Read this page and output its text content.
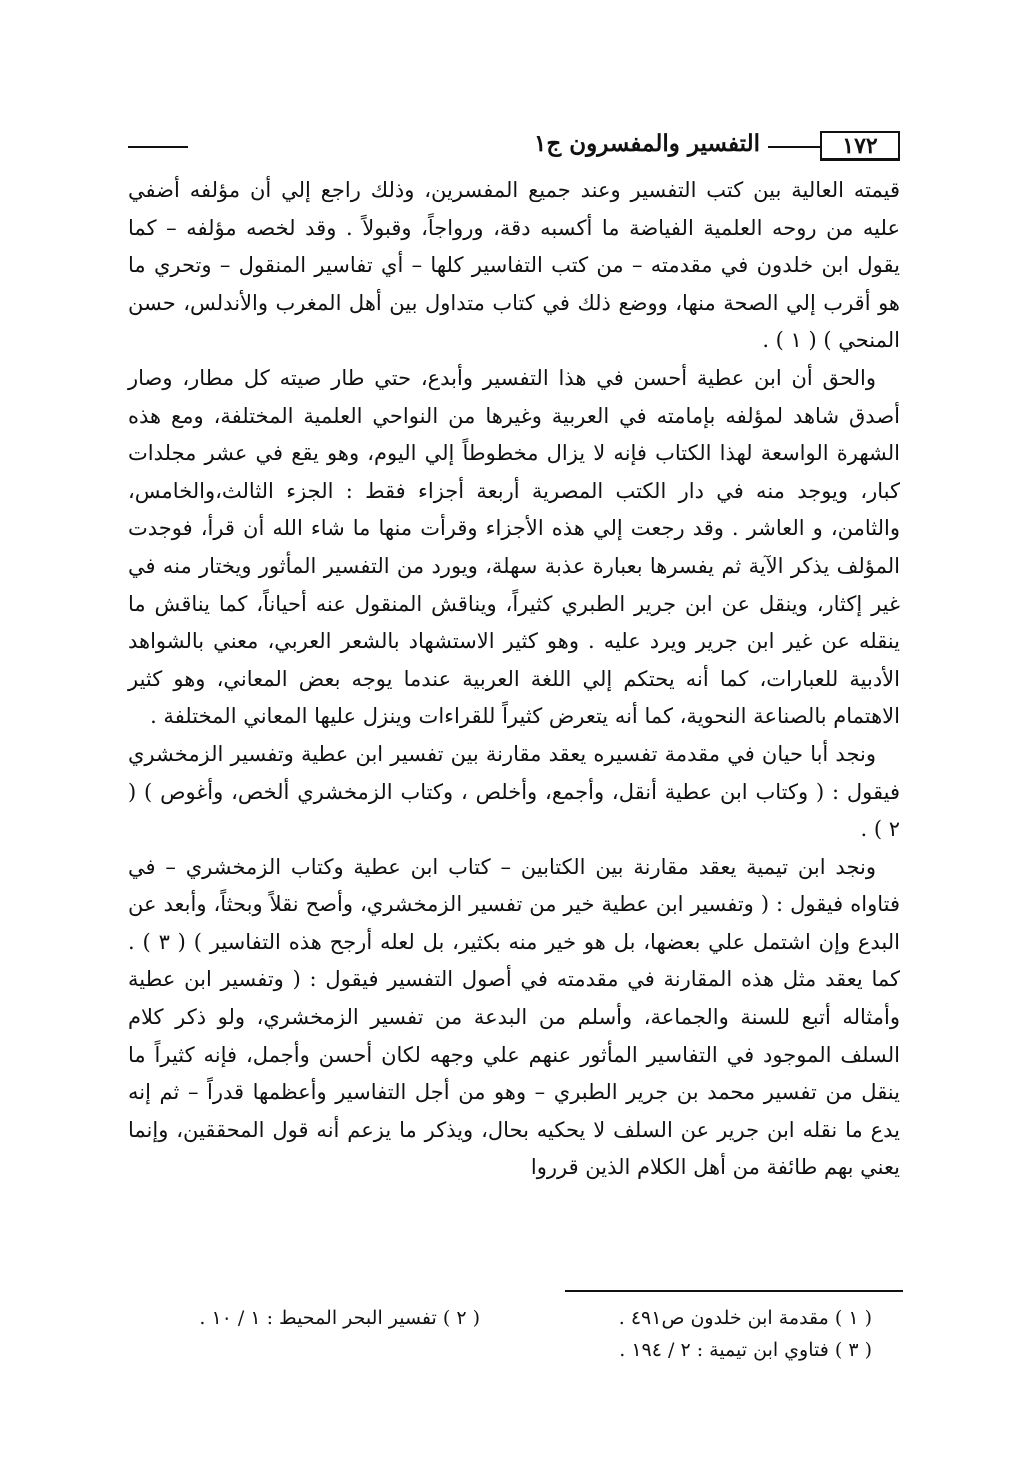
١٧٢
التفسير والمفسرون ج١

قيمته العالية بين كتب التفسير وعند جميع المفسرين، وذلك راجع إلي أن مؤلفه أضفي عليه من روحه العلمية الفياضة ما أكسبه دقة، ورواجاً، وقبولاً . وقد لخصه مؤلفه – كما يقول ابن خلدون في مقدمته – من كتب التفاسير كلها – أي تفاسير المنقول – وتحري ما هو أقرب إلي الصحة منها، ووضع ذلك في كتاب متداول بين أهل المغرب والأندلس، حسن المنحي ) ( ١ ) .

والحق أن ابن عطية أحسن في هذا التفسير وأبدع، حتي طار صيته كل مطار، وصار أصدق شاهد لمؤلفه بإمامته في العربية وغيرها من النواحي العلمية المختلفة، ومع هذه الشهرة الواسعة لهذا الكتاب فإنه لا يزال مخطوطاً إلي اليوم، وهو يقع في عشر مجلدات كبار، ويوجد منه في دار الكتب المصرية أربعة أجزاء فقط : الجزء الثالث،والخامس، والثامن، و العاشر . وقد رجعت إلي هذه الأجزاء وقرأت منها ما شاء الله أن قرأ، فوجدت المؤلف يذكر الآية ثم يفسرها بعبارة عذبة سهلة، ويورد من التفسير المأثور ويختار منه في غير إكثار، وينقل عن ابن جرير الطبري كثيراً، ويناقش المنقول عنه أحياناً، كما يناقش ما ينقله عن غير ابن جرير ويرد عليه . وهو كثير الاستشهاد بالشعر العربي، معني بالشواهد الأدبية للعبارات، كما أنه يحتكم إلي اللغة العربية عندما يوجه بعض المعاني، وهو كثير الاهتمام بالصناعة النحوية، كما أنه يتعرض كثيراً للقراءات وينزل عليها المعاني المختلفة .

ونجد أبا حيان في مقدمة تفسيره يعقد مقارنة بين تفسير ابن عطية وتفسير الزمخشري فيقول : ( وكتاب ابن عطية أنقل، وأجمع، وأخلص ، وكتاب الزمخشري ألخص، وأغوص ) ( ٢ ) .

ونجد ابن تيمية يعقد مقارنة بين الكتابين – كتاب ابن عطية وكتاب الزمخشري – في فتاواه فيقول : ( وتفسير ابن عطية خير من تفسير الزمخشري، وأصح نقلاً وبحثاً، وأبعد عن البدع وإن اشتمل علي بعضها، بل هو خير منه بكثير، بل لعله أرجح هذه التفاسير ) ( ٣ ) . كما يعقد مثل هذه المقارنة في مقدمته في أصول التفسير فيقول : ( وتفسير ابن عطية وأمثاله أتبع للسنة والجماعة، وأسلم من البدعة من تفسير الزمخشري، ولو ذكر كلام السلف الموجود في التفاسير المأثور عنهم علي وجهه لكان أحسن وأجمل، فإنه كثيراً ما ينقل من تفسير محمد بن جرير الطبري – وهو من أجل التفاسير وأعظمها قدراً – ثم إنه يدع ما نقله ابن جرير عن السلف لا يحكيه بحال، ويذكر ما يزعم أنه قول المحققين، وإنما يعني بهم طائفة من أهل الكلام الذين قرروا

( ١ ) مقدمة ابن خلدون ص٤٩١ .
( ٢ ) تفسير البحر المحيط : ١ / ١٠ .
( ٣ ) فتاوي ابن تيمية : ٢ / ١٩٤ .
